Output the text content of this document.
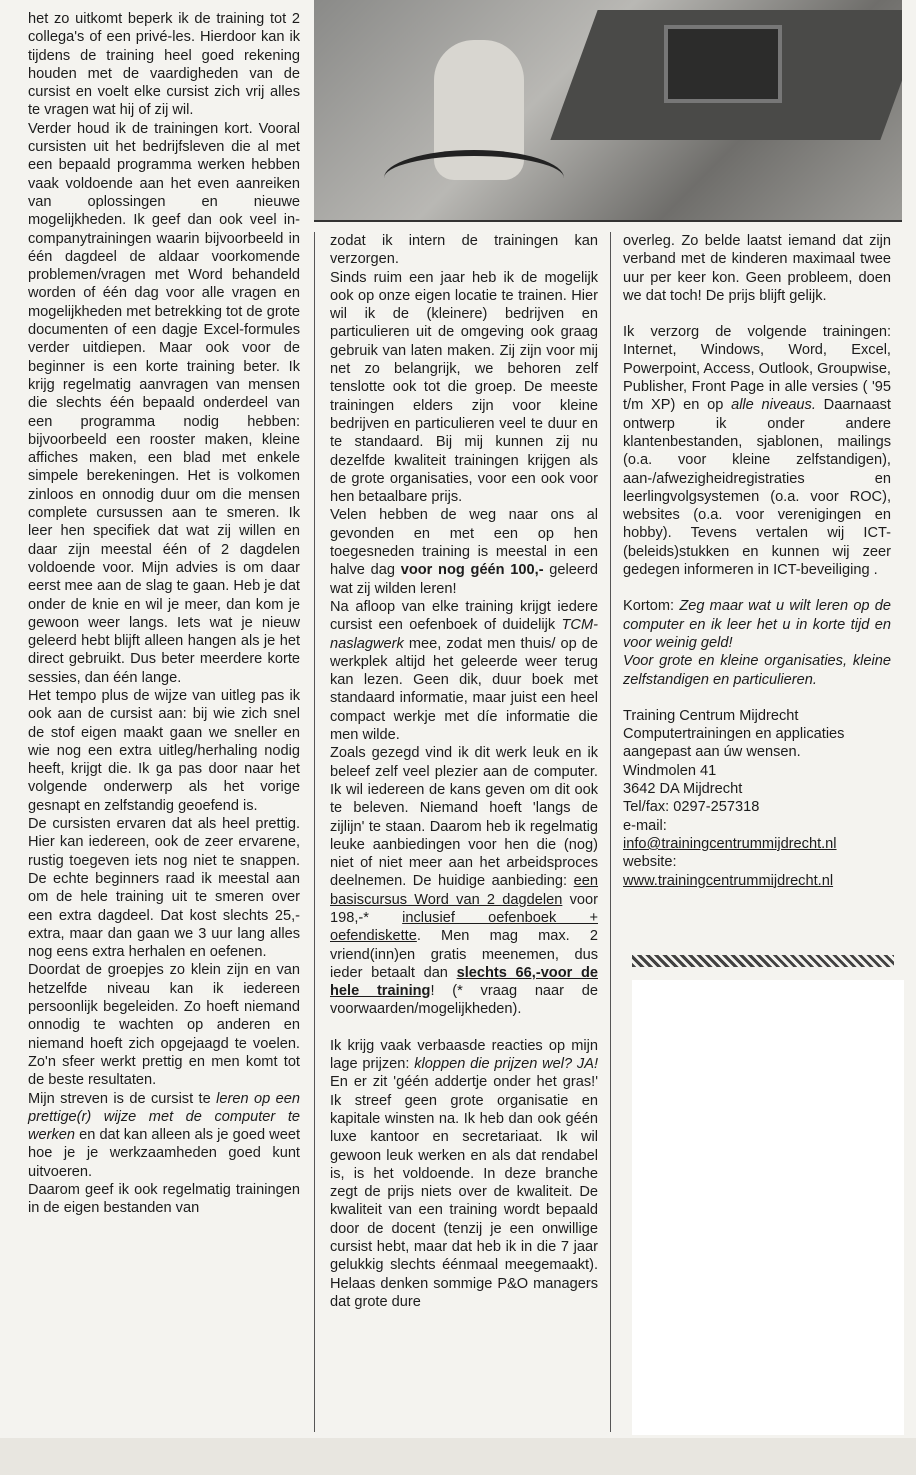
het zo uitkomt beperk ik de training tot 2 collega's of een privé-les. Hierdoor kan ik tijdens de training heel goed rekening houden met de vaardigheden van de cursist en voelt elke cursist zich vrij alles te vragen wat hij of zij wil.

Verder houd ik de trainingen kort. Vooral cursisten uit het bedrijfsleven die al met een bepaald programma werken hebben vaak voldoende aan het even aanreiken van oplossingen en nieuwe mogelijkheden. Ik geef dan ook veel in-companytrainingen waarin bijvoorbeeld in één dagdeel de aldaar voorkomende problemen/vragen met Word behandeld worden of één dag voor alle vragen en mogelijkheden met betrekking tot de grote documenten of een dagje Excel-formules verder uitdiepen. Maar ook voor de beginner is een korte training beter. Ik krijg regelmatig aanvragen van mensen die slechts één bepaald onderdeel van een programma nodig hebben: bijvoorbeeld een rooster maken, kleine affiches maken, een blad met enkele simpele berekeningen. Het is volkomen zinloos en onnodig duur om die mensen complete cursussen aan te smeren. Ik leer hen specifiek dat wat zij willen en daar zijn meestal één of 2 dagdelen voldoende voor. Mijn advies is om daar eerst mee aan de slag te gaan. Heb je dat onder de knie en wil je meer, dan kom je gewoon weer langs. Iets wat je nieuw geleerd hebt blijft alleen hangen als je het direct gebruikt. Dus beter meerdere korte sessies, dan één lange.

Het tempo plus de wijze van uitleg pas ik ook aan de cursist aan: bij wie zich snel de stof eigen maakt gaan we sneller en wie nog een extra uitleg/herhaling nodig heeft, krijgt die. Ik ga pas door naar het volgende onderwerp als het vorige gesnapt en zelfstandig geoefend is.

De cursisten ervaren dat als heel prettig. Hier kan iedereen, ook de zeer ervarene, rustig toegeven iets nog niet te snappen. De echte beginners raad ik meestal aan om de hele training uit te smeren over een extra dagdeel. Dat kost slechts 25,- extra, maar dan gaan we 3 uur lang alles nog eens extra herhalen en oefenen.

Doordat de groepjes zo klein zijn en van hetzelfde niveau kan ik iedereen persoonlijk begeleiden. Zo hoeft niemand onnodig te wachten op anderen en niemand hoeft zich opgejaagd te voelen. Zo'n sfeer werkt prettig en men komt tot de beste resultaten.

Mijn streven is de cursist te leren op een prettige(r) wijze met de computer te werken en dat kan alleen als je goed weet hoe je je werkzaamheden goed kunt uitvoeren.

Daarom geef ik ook regelmatig trainingen in de eigen bestanden van

zodat ik intern de trainingen kan verzorgen.

Sinds ruim een jaar heb ik de mogelijk ook op onze eigen locatie te trainen. Hier wil ik de (kleinere) bedrijven en particulieren uit de omgeving ook graag gebruik van laten maken. Zij zijn voor mij net zo belangrijk, we behoren zelf tenslotte ook tot die groep. De meeste trainingen elders zijn voor kleine bedrijven en particulieren veel te duur en te standaard. Bij mij kunnen zij nu dezelfde kwaliteit trainingen krijgen als de grote organisaties, voor een ook voor hen betaalbare prijs.

Velen hebben de weg naar ons al gevonden en met een op hen toegesneden training is meestal in een halve dag voor nog géén 100,- geleerd wat zij wilden leren!

Na afloop van elke training krijgt iedere cursist een oefenboek of duidelijk TCM-naslagwerk mee, zodat men thuis/ op de werkplek altijd het geleerde weer terug kan lezen. Geen dik, duur boek met standaard informatie, maar juist een heel compact werkje met díe informatie die men wilde.

Zoals gezegd vind ik dit werk leuk en ik beleef zelf veel plezier aan de computer. Ik wil iedereen de kans geven om dit ook te beleven. Niemand hoeft 'langs de zijlijn' te staan. Daarom heb ik regelmatig leuke aanbiedingen voor hen die (nog) niet of niet meer aan het arbeidsproces deelnemen. De huidige aanbieding: een basiscursus Word van 2 dagdelen voor 198,-* inclusief oefenboek + oefendiskette. Men mag max. 2 vriend(inn)en gratis meenemen, dus ieder betaalt dan slechts 66,-voor de hele training! (* vraag naar de voorwaarden/mogelijkheden).

Ik krijg vaak verbaasde reacties op mijn lage prijzen: kloppen die prijzen wel? JA! En er zit 'géén addertje onder het gras!' Ik streef geen grote organisatie en kapitale winsten na. Ik heb dan ook géén luxe kantoor en secretariaat. Ik wil gewoon leuk werken en als dat rendabel is, is het voldoende. In deze branche zegt de prijs niets over de kwaliteit. De kwaliteit van een training wordt bepaald door de docent (tenzij je een onwillige cursist hebt, maar dat heb ik in die 7 jaar gelukkig slechts éénmaal meegemaakt). Helaas denken sommige P&O managers dat grote dure

overleg. Zo belde laatst iemand dat zijn verband met de kinderen maximaal twee uur per keer kon. Geen probleem, doen we dat toch! De prijs blijft gelijk.

Ik verzorg de volgende trainingen: Internet, Windows, Word, Excel, Powerpoint, Access, Outlook, Groupwise, Publisher, Front Page in alle versies ( '95 t/m XP) en op alle niveaus. Daarnaast ontwerp ik onder andere klantenbestanden, sjablonen, mailings (o.a. voor kleine zelfstandigen), aan-/afwezigheidregistraties en leerlingvolgsystemen (o.a. voor ROC), websites (o.a. voor verenigingen en hobby). Tevens vertalen wij ICT-(beleids)stukken en kunnen wij zeer gedegen informeren in ICT-beveiliging .

Kortom: Zeg maar wat u wilt leren op de computer en ik leer het u in korte tijd en voor weinig geld!

Voor grote en kleine organisaties, kleine zelfstandigen en particulieren.

Training Centrum Mijdrecht

Computertrainingen en applicaties

aangepast aan úw wensen.

Windmolen 41

3642 DA Mijdrecht

Tel/fax: 0297-257318

e-mail:

info@trainingcentrummijdrecht.nl

website:

www.trainingcentrummijdrecht.nl
